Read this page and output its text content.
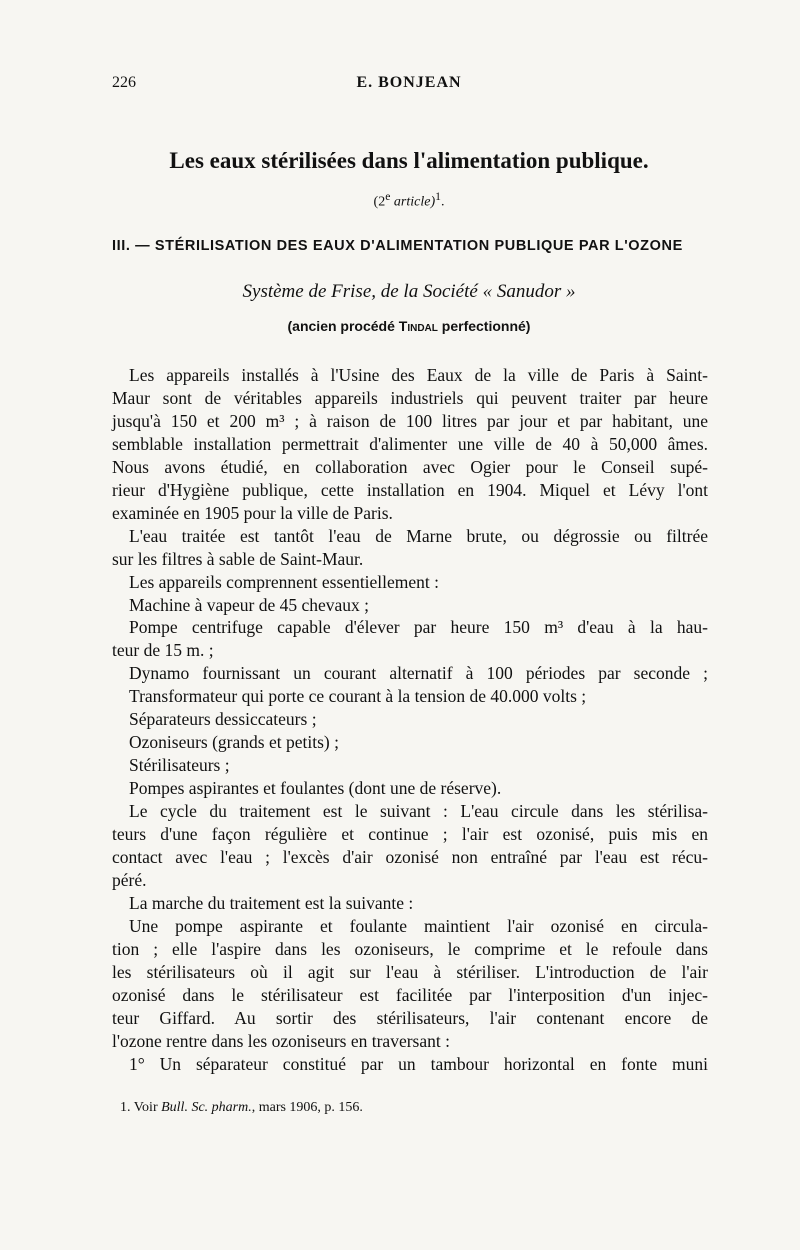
226	E. BONJEAN
Les eaux stérilisées dans l'alimentation publique.
(2e article)$^1$.
III. — STÉRILISATION DES EAUX D'ALIMENTATION PUBLIQUE PAR L'OZONE
Système de Frise, de la Société « Sanudor »
(ancien procédé Tindal perfectionné)
Les appareils installés à l'Usine des Eaux de la ville de Paris à Saint-
Maur sont de véritables appareils industriels qui peuvent traiter par heure
jusqu'à 150 et 200 m³ ; à raison de 100 litres par jour et par habitant, une
semblable installation permettrait d'alimenter une ville de 40 à 50,000 âmes.
Nous avons étudié, en collaboration avec Ogier pour le Conseil supé-
rieur d'Hygiène publique, cette installation en 1904. Miquel et Lévy l'ont
examinée en 1905 pour la ville de Paris.
L'eau traitée est tantôt l'eau de Marne brute, ou dégrossie ou filtrée
sur les filtres à sable de Saint-Maur.
Les appareils comprennent essentiellement :
Machine à vapeur de 45 chevaux ;
Pompe centrifuge capable d'élever par heure 150 m³ d'eau à la hau-
teur de 15 m. ;
Dynamo fournissant un courant alternatif à 100 périodes par seconde ;
Transformateur qui porte ce courant à la tension de 40.000 volts ;
Séparateurs dessiccateurs ;
Ozoniseurs (grands et petits) ;
Stérilisateurs ;
Pompes aspirantes et foulantes (dont une de réserve).
Le cycle du traitement est le suivant : L'eau circule dans les stérilisa-
teurs d'une façon régulière et continue ; l'air est ozonisé, puis mis en
contact avec l'eau ; l'excès d'air ozonisé non entraîné par l'eau est récu-
péré.
La marche du traitement est la suivante :
Une pompe aspirante et foulante maintient l'air ozonisé en circula-
tion ; elle l'aspire dans les ozoniseurs, le comprime et le refoule dans
les stérilisateurs où il agit sur l'eau à stériliser. L'introduction de l'air
ozonisé dans le stérilisateur est facilitée par l'interposition d'un injec-
teur Giffard. Au sortir des stérilisateurs, l'air contenant encore de
l'ozone rentre dans les ozoniseurs en traversant :
1° Un séparateur constitué par un tambour horizontal en fonte muni
1. Voir Bull. Sc. pharm., mars 1906, p. 156.
